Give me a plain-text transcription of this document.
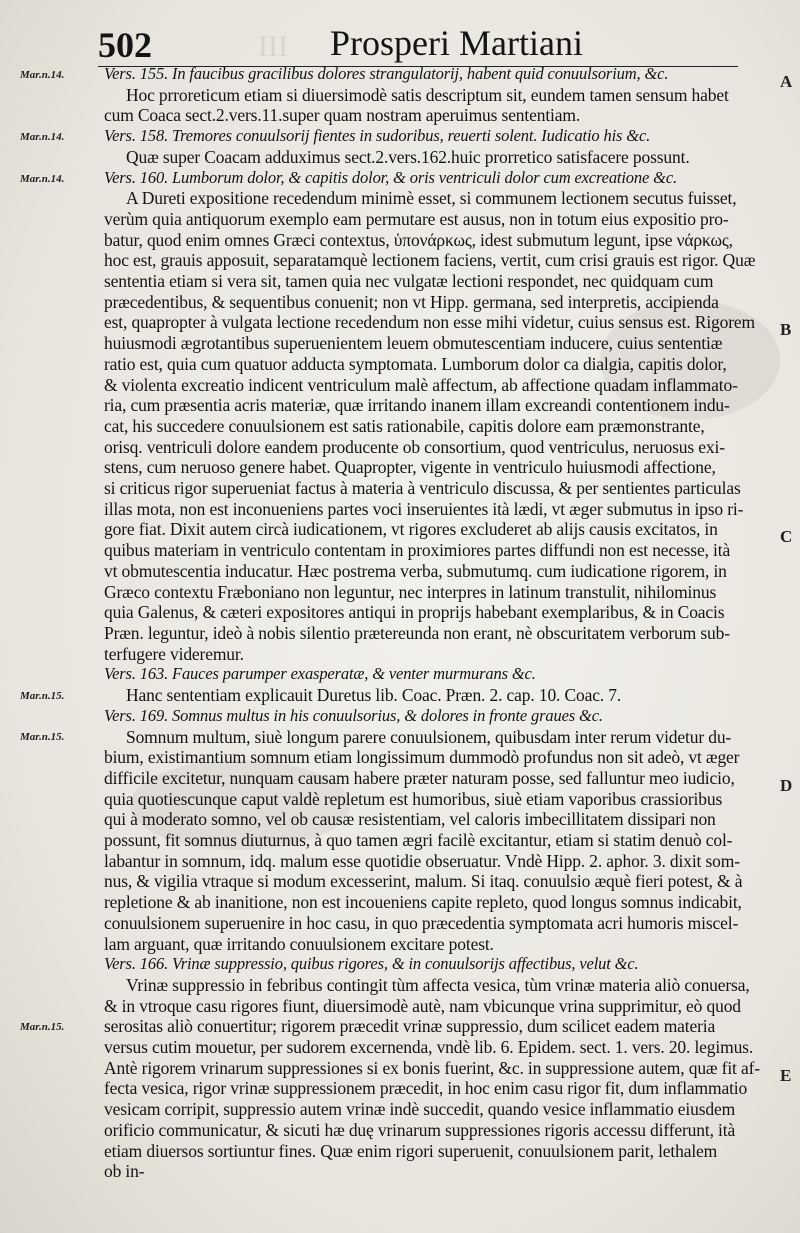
502	III Prosperi Martiani
Mar.n.14.
Mar.n.14.
Mar.n.14.
Mar.n.15.
Mar.n.15.
Mar.n.15.
A
B
C
D
E
Vers. 155. In faucibus gracilibus dolores strangulatorij, habent quid conuulsorium, &c.
Hoc prroreticum etiam si diuersimodè satis descriptum sit, eundem tamen sensum habet
cum Coaca sect.2.vers.11.super quam nostram aperuimus sententiam.
Vers. 158. Tremores conuulsorij fientes in sudoribus, reuerti solent. Iudicatio his &c.
Quæ super Coacam adduximus sect.2.vers.162.huic prorretico satisfacere possunt.
Vers. 160. Lumborum dolor, & capitis dolor, & oris ventriculi dolor cum excreatione &c.
A Dureti expositione recedendum minimè esset, si communem lectionem secutus fuisset,
verùm quia antiquorum exemplo eam permutare est ausus, non in totum eius expositio pro-
batur, quod enim omnes Græci contextus, ὑπονάρκως, idest submutum legunt, ipse νάρκως,
hoc est, grauis apposuit, separatamquè lectionem faciens, vertit, cum crisi grauis est rigor. Quæ
sententia etiam si vera sit, tamen quia nec vulgatæ lectioni respondet, nec quidquam cum
præcedentibus, & sequentibus conuenit; non vt Hipp. germana, sed interpretis, accipienda
est, quapropter à vulgata lectione recedendum non esse mihi videtur, cuius sensus est. Rigorem
huiusmodi ægrotantibus superuenientem leuem obmutescentiam inducere, cuius sententiæ
ratio est, quia cum quatuor adducta symptomata. Lumborum dolor ca dialgia, capitis dolor,
& violenta excreatio indicent ventriculum malè affectum, ab affectione quadam inflammato-
ria, cum præsentia acris materiæ, quæ irritando inanem illam excreandi contentionem indu-
cat, his succedere conuulsionem est satis rationabile, capitis dolore eam præmonstrante,
orisq. ventriculi dolore eandem producente ob consortium, quod ventriculus, neruosus exi-
stens, cum neruoso genere habet. Quapropter, vigente in ventriculo huiusmodi affectione,
si criticus rigor superueniat factus à materia à ventriculo discussa, & per sentientes particulas
illas mota, non est inconueniens partes voci inseruientes ità lædi, vt æger submutus in ipso ri-
gore fiat. Dixit autem circà iudicationem, vt rigores excluderet ab alijs causis excitatos, in
quibus materiam in ventriculo contentam in proximiores partes diffundi non est necesse, ità
vt obmutescentia inducatur. Hæc postrema verba, submutumq. cum iudicatione rigorem, in
Græco contextu Fræboniano non leguntur, nec interpres in latinum transtulit, nihilominus
quia Galenus, & cæteri expositores antiqui in proprijs habebant exemplaribus, & in Coacis
Præn. leguntur, ideò à nobis silentio prætereunda non erant, nè obscuritatem verborum sub-
terfugere videremur.
Vers. 163. Fauces parumper exasperatæ, & venter murmurans &c.
Hanc sententiam explicauit Duretus lib. Coac. Præn. 2. cap. 10. Coac. 7.
Vers. 169. Somnus multus in his conuulsorius, & dolores in fronte graues &c.
Somnum multum, siuè longum parere conuulsionem, quibusdam inter rerum videtur du-
bium, existimantium somnum etiam longissimum dummodò profundus non sit adeò, vt æger
difficile excitetur, nunquam causam habere præter naturam posse, sed falluntur meo iudicio,
quia quotiescunque caput valdè repletum est humoribus, siuè etiam vaporibus crassioribus
qui à moderato somno, vel ob causæ resistentiam, vel caloris imbecillitatem dissipari non
possunt, fit somnus diuturnus, à quo tamen ægri facilè excitantur, etiam si statim denuò col-
labantur in somnum, idq. malum esse quotidie obseruatur. Vndè Hipp. 2. aphor. 3. dixit som-
nus, & vigilia vtraque si modum excesserint, malum. Si itaq. conuulsio æquè fieri potest, & à
repletione & ab inanitione, non est incoueniens capite repleto, quod longus somnus indicabit,
conuulsionem superuenire in hoc casu, in quo præcedentia symptomata acri humoris miscel-
lam arguant, quæ irritando conuulsionem excitare potest.
Vers. 166. Vrinæ suppressio, quibus rigores, & in conuulsorijs affectibus, velut &c.
Vrinæ suppressio in febribus contingit tùm affecta vesica, tùm vrinæ materia aliò conuersa,
& in vtroque casu rigores fiunt, diuersimodè autè, nam vbicunque vrina supprimitur, eò quod
serositas aliò conuertitur; rigorem præcedit vrinæ suppressio, dum scilicet eadem materia
versus cutim mouetur, per sudorem excernenda, vndè lib. 6. Epidem. sect. 1. vers. 20. legimus.
Antè rigorem vrinarum suppressiones si ex bonis fuerint, &c. in suppressione autem, quæ fit af-
fecta vesica, rigor vrinæ suppressionem præcedit, in hoc enim casu rigor fit, dum inflammatio
vesicam corripit, suppressio autem vrinæ indè succedit, quando vesice inflammatio eiusdem
orificio communicatur, & sicuti hæ duę vrinarum suppressiones rigoris accessu differunt, ità
etiam diuersos sortiuntur fines. Quæ enim rigori superuenit, conuulsionem parit, lethalem
ob in-
